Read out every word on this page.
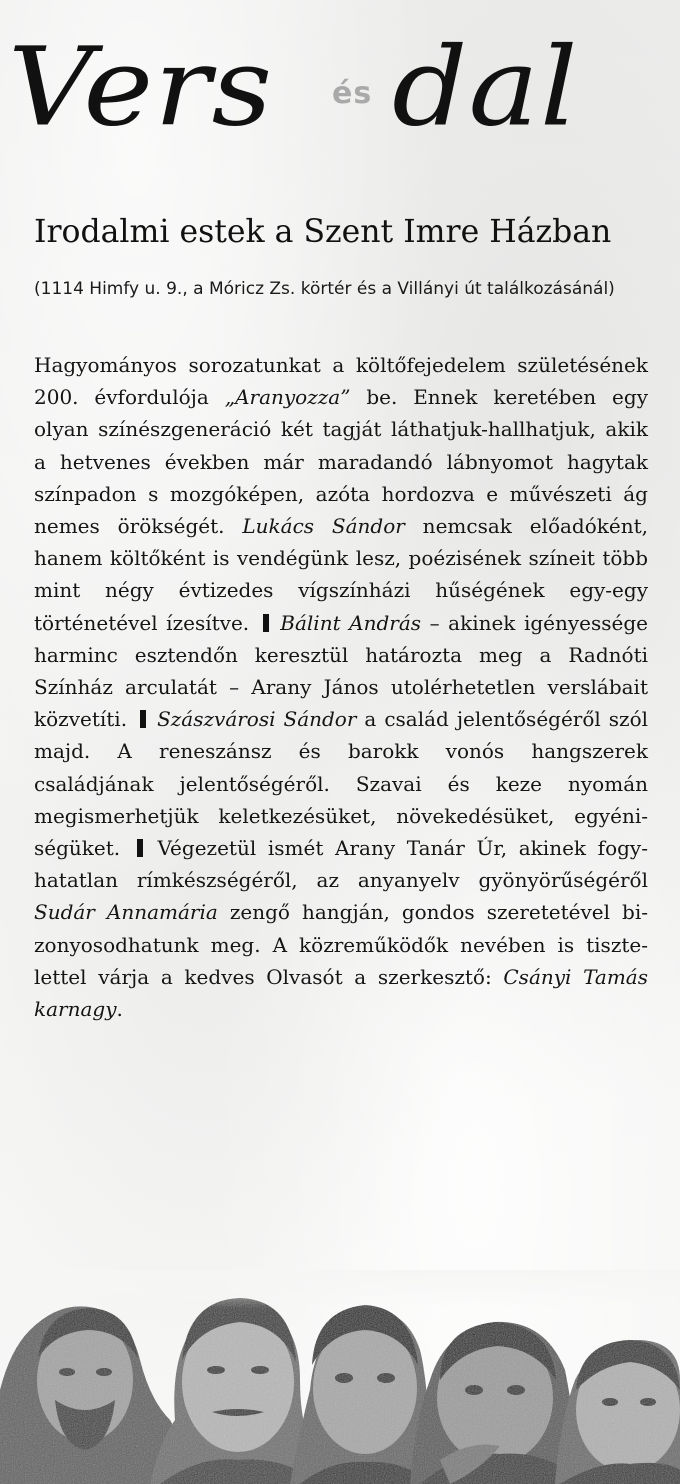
Vers és dal
Irodalmi estek a Szent Imre Házban

(1114 Himfy u. 9., a Móricz Zs. körtér és a Villányi út találkozásánál)

Hagyományos sorozatunkat a költőfejedelem születésének 200. évfordulója „Aranyozza” be. Ennek keretében egy olyan színészgeneráció két tagját láthatjuk-hallhatjuk, akik a hetvenes években már maradandó lábnyomot hagytak színpadon s mozgóképen, azóta hordozva e művészeti ág nemes örökségét. Lukács Sándor nemcsak előadóként, hanem költőként is vendégünk lesz, poézisének színeit több mint négy évtizedes vígszínházi hűségének egy-egy történetével ízesítve. Bálint András – akinek igényessége harminc esztendőn keresztül határozta meg a Radnóti Színház arculatát – Arany János utolérhetetlen verslábait közvetíti. Szászvárosi Sándor a család jelentőségéről szól majd. A reneszánsz és barokk vonós hangszerek családjának jelentőségéről. Szavai és keze nyomán megismerhetjük keletkezésüket, növekedésüket, egyéniségüket. Végezetül ismét Arany Tanár Úr, akinek fogyhatatlan rímkészségéről, az anyanyelv gyönyörűségéről Sudár Annamária zengő hangján, gondos szeretetével bizonyosodhatunk meg. A közreműködők nevében is tisztelettel várja a kedves Olvasót a szerkesztő: Csányi Tamás karnagy.
